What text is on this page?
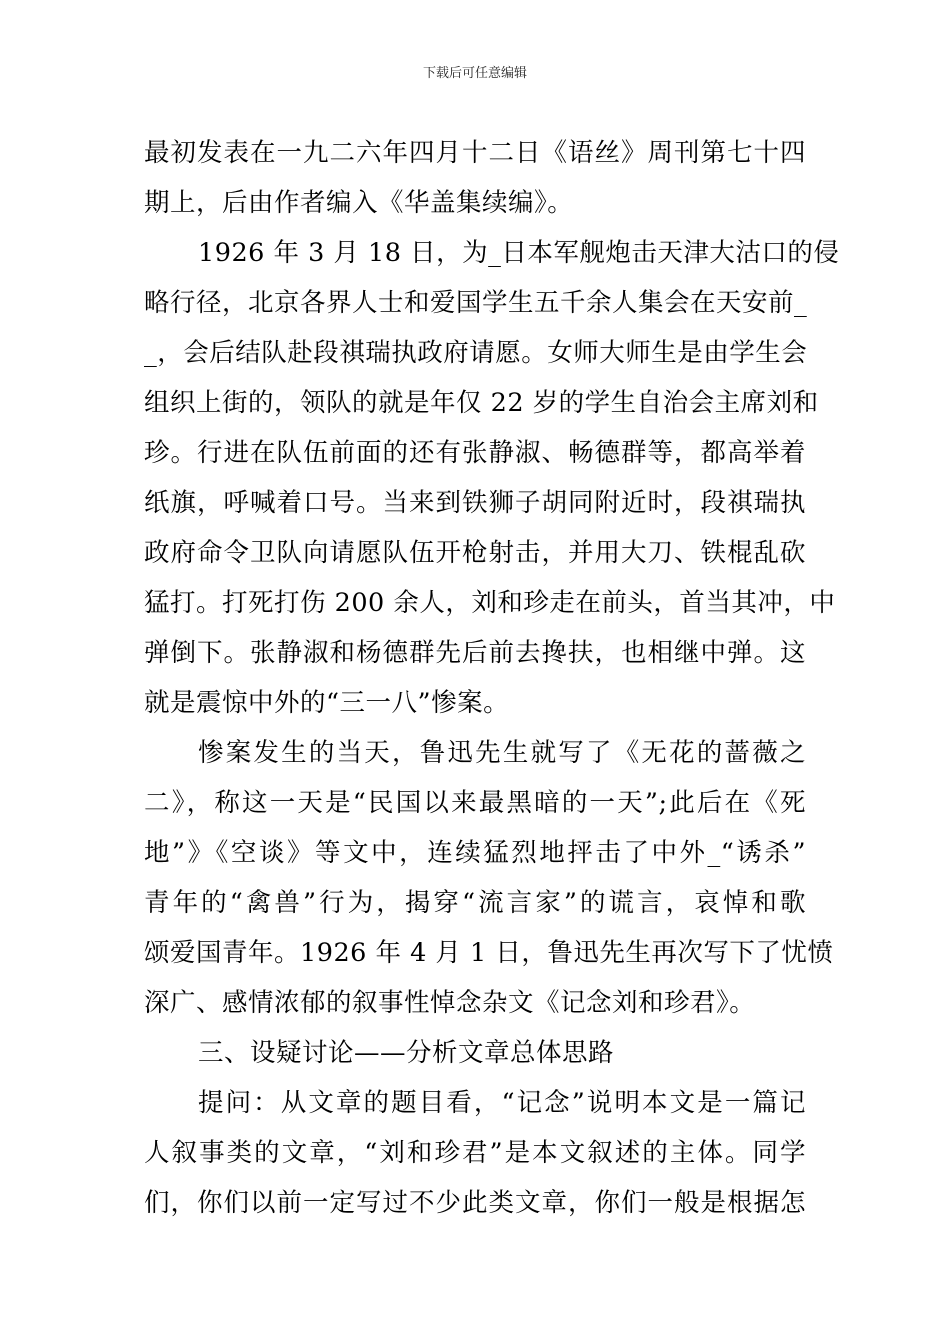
下载后可任意编辑
最初发表在一九二六年四月十二日《语丝》周刊第七十四
期上，后由作者编入《华盖集续编》。
1926 年 3 月 18 日，为_日本军舰炮击天津大沽口的侵
略行径，北京各界人士和爱国学生五千余人集会在天安前_
_，会后结队赴段祺瑞执政府请愿。女师大师生是由学生会
组织上街的，领队的就是年仅 22 岁的学生自治会主席刘和
珍。行进在队伍前面的还有张静淑、畅德群等，都高举着
纸旗，呼喊着口号。当来到铁狮子胡同附近时，段祺瑞执
政府命令卫队向请愿队伍开枪射击，并用大刀、铁棍乱砍
猛打。打死打伤 200 余人，刘和珍走在前头，首当其冲，中
弹倒下。张静淑和杨德群先后前去搀扶，也相继中弹。这
就是震惊中外的“三一八”惨案。
惨案发生的当天，鲁迅先生就写了《无花的蔷薇之
二》，称这一天是“民国以来最黑暗的一天”;此后在《死
地”》《空谈》等文中，连续猛烈地抨击了中外_“诱杀”
青年的“禽兽”行为，揭穿“流言家”的谎言，哀悼和歌
颂爱国青年。1926 年 4 月 1 日，鲁迅先生再次写下了忧愤
深广、感情浓郁的叙事性悼念杂文《记念刘和珍君》。
三、设疑讨论——分析文章总体思路
提问：从文章的题目看，“记念”说明本文是一篇记
人叙事类的文章，“刘和珍君”是本文叙述的主体。同学
们，你们以前一定写过不少此类文章，你们一般是根据怎
